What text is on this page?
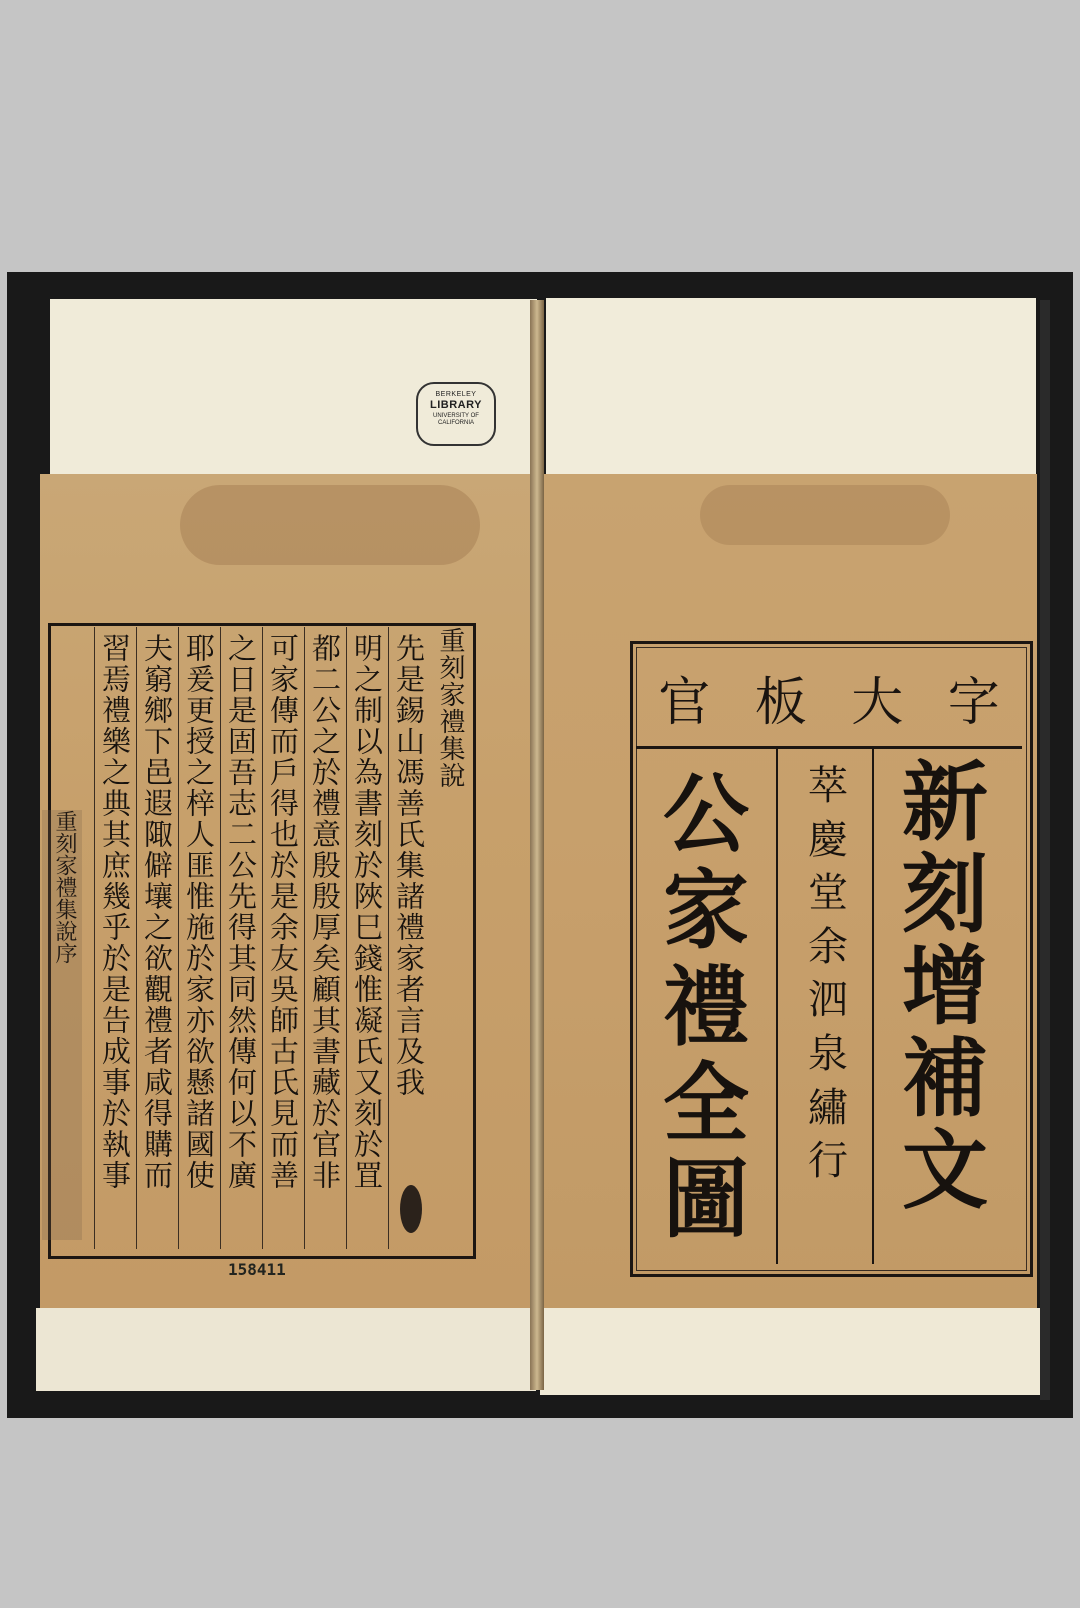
BERKELEY
LIBRARY
UNIVERSITY OF
CALIFORNIA
官 板 大 字
新
刻
增
補
文
萃
慶
堂
余
泗
泉
繡
行
公
家
禮
全
圖
重刻家禮集說
先是錫山馮善氏集諸禮家者言及我
明之制以為書刻於陜巳錢惟凝氏又刻於罝
都二公之於禮意殷殷厚矣顧其書藏於官非
可家傳而戶得也於是余友吳師古氏見而善
之日是固吾志二公先得其同然傳何以不廣
耶爰更授之梓人匪惟施於家亦欲懸諸國使
夫窮鄉下邑遐陬僻壤之欲觀禮者咸得購而
習焉禮樂之典其庶幾乎於是告成事於執事
重刻家禮集說序
158411
